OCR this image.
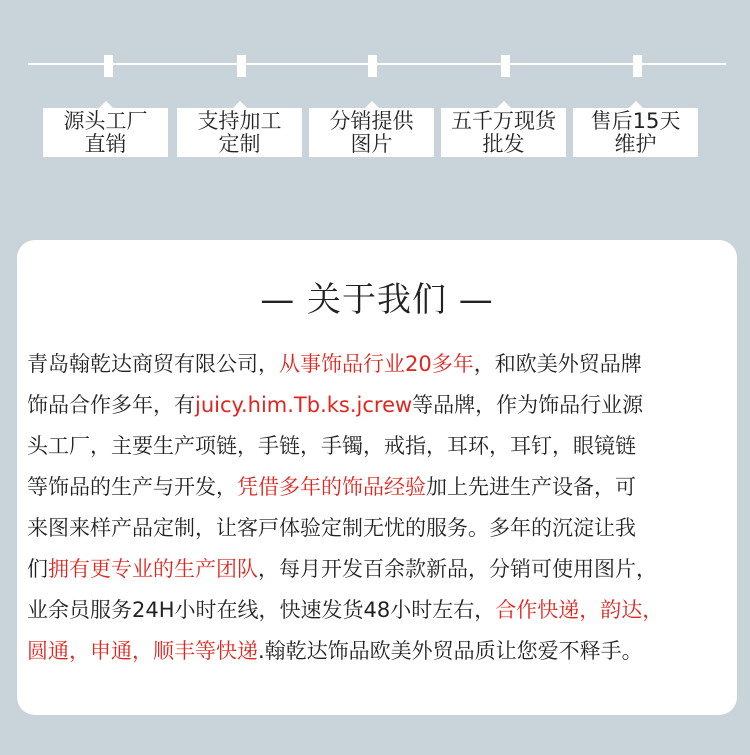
源头工厂
直销
支持加工
定制
分销提供
图片
五千万现货
批发
售后15天
维护
— 关于我们 —
青岛翰乾达商贸有限公司，从事饰品行业20多年，和欧美外贸品牌
饰品合作多年，有juicy.him.Tb.ks.jcrew等品牌，作为饰品行业源
头工厂，主要生产项链，手链，手镯，戒指，耳环，耳钉，眼镜链
等饰品的生产与开发，凭借多年的饰品经验加上先进生产设备，可
来图来样产品定制，让客戸体验定制无忧的服务。多年的沉淀让我
们拥有更专业的生产团队，每月开发百余款新品，分销可使用图片，
业余员服务24H小时在线，快速发货48小时左右，合作快递，韵达，
圆通，申通，顺丰等快递.翰乾达饰品欧美外贸品质让您爱不释手。
